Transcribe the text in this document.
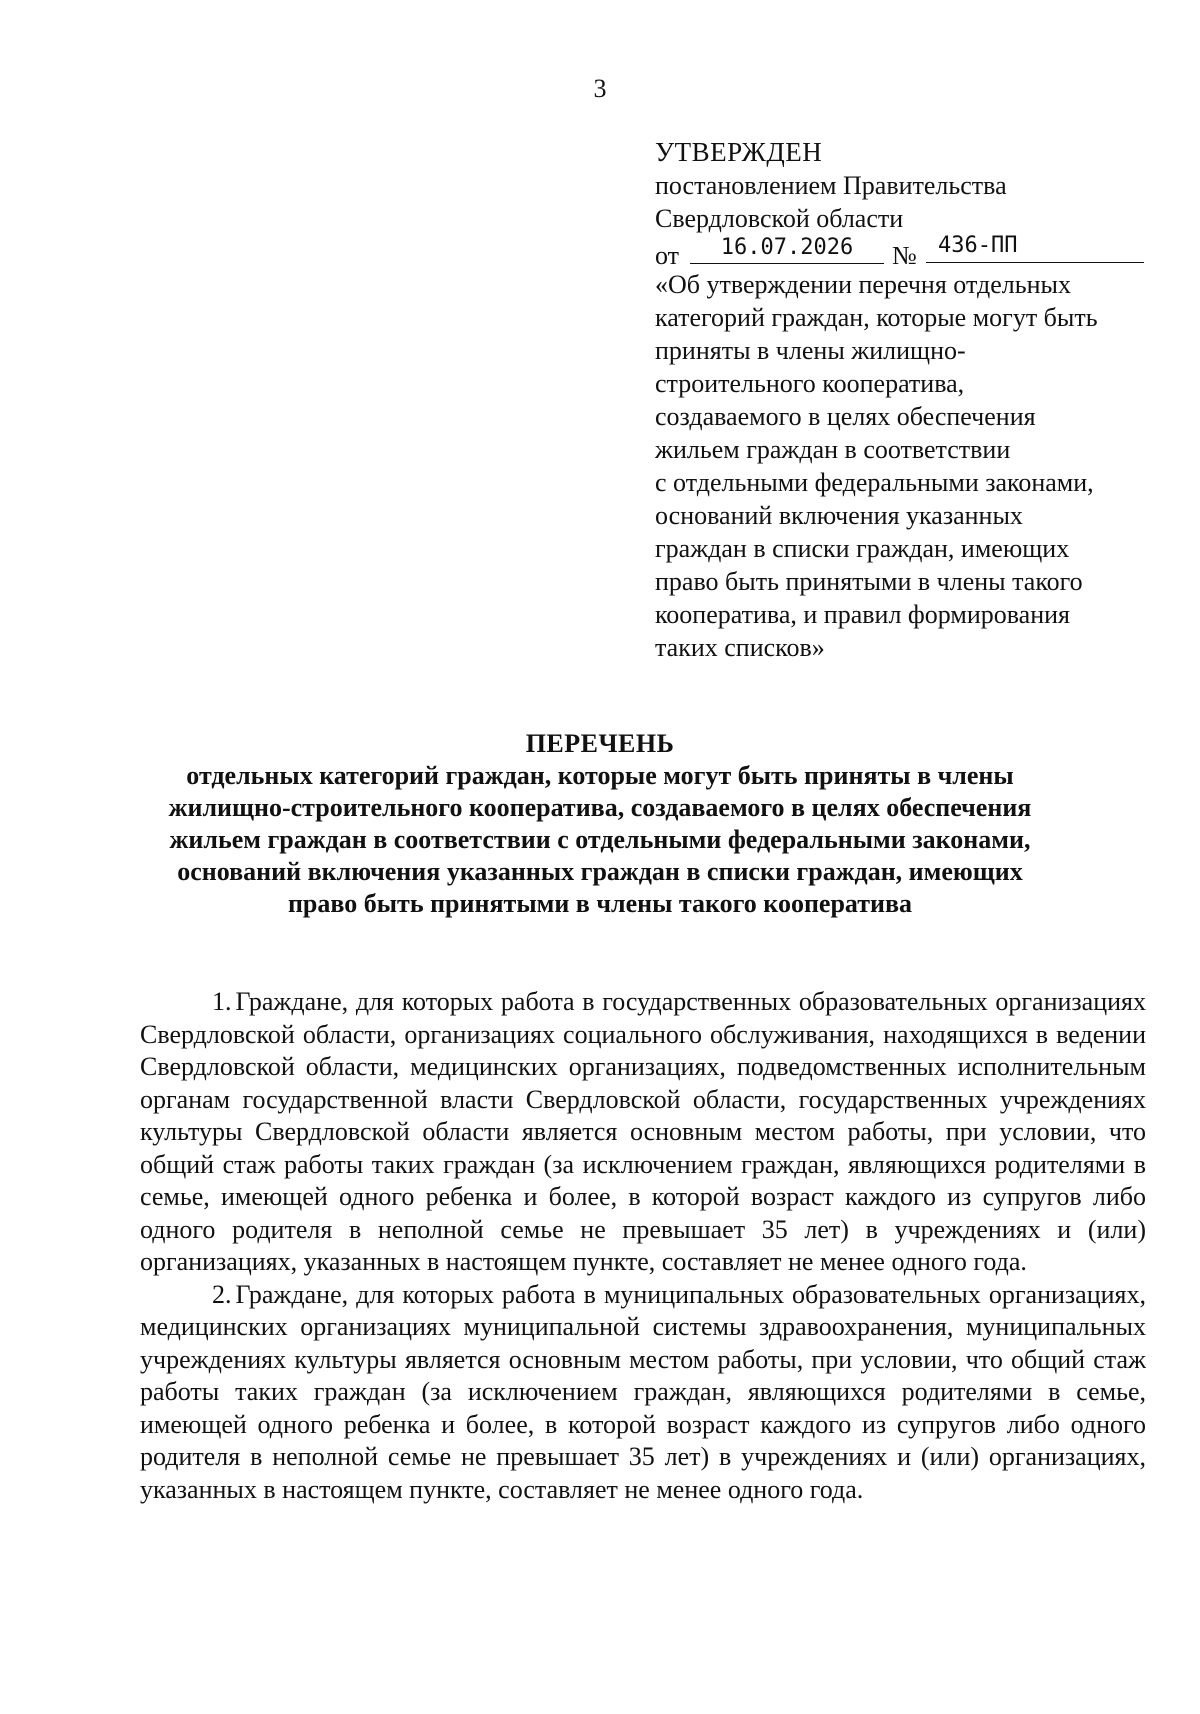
3
УТВЕРЖДЕН
постановлением Правительства
Свердловской области
от	16.07.2026	№ 436-ПП
«Об утверждении перечня отдельных
категорий граждан, которые могут быть
приняты в члены жилищно-
строительного кооператива,
создаваемого в целях обеспечения
жильем граждан в соответствии
с отдельными федеральными законами,
оснований включения указанных
граждан в списки граждан, имеющих
право быть принятыми в члены такого
кооператива, и правил формирования
таких списков»
ПЕРЕЧЕНЬ
отдельных категорий граждан, которые могут быть приняты в члены
жилищно-строительного кооператива, создаваемого в целях обеспечения
жильем граждан в соответствии с отдельными федеральными законами,
оснований включения указанных граждан в списки граждан, имеющих
право быть принятыми в члены такого кооператива

1. Граждане, для которых работа в государственных образовательных организациях Свердловской области, организациях социального обслуживания, находящихся в ведении Свердловской области, медицинских организациях, подведомственных исполнительным органам государственной власти Свердловской области, государственных учреждениях культуры Свердловской области является основным местом работы, при условии, что общий стаж работы таких граждан (за исключением граждан, являющихся родителями в семье, имеющей одного ребенка и более, в которой возраст каждого из супругов либо одного родителя в неполной семье не превышает 35 лет) в учреждениях и (или) организациях, указанных в настоящем пункте, составляет не менее одного года.

2. Граждане, для которых работа в муниципальных образовательных организациях, медицинских организациях муниципальной системы здравоохранения, муниципальных учреждениях культуры является основным местом работы, при условии, что общий стаж работы таких граждан (за исключением граждан, являющихся родителями в семье, имеющей одного ребенка и более, в которой возраст каждого из супругов либо одного родителя в неполной семье не превышает 35 лет) в учреждениях и (или) организациях, указанных в настоящем пункте, составляет не менее одного года.
